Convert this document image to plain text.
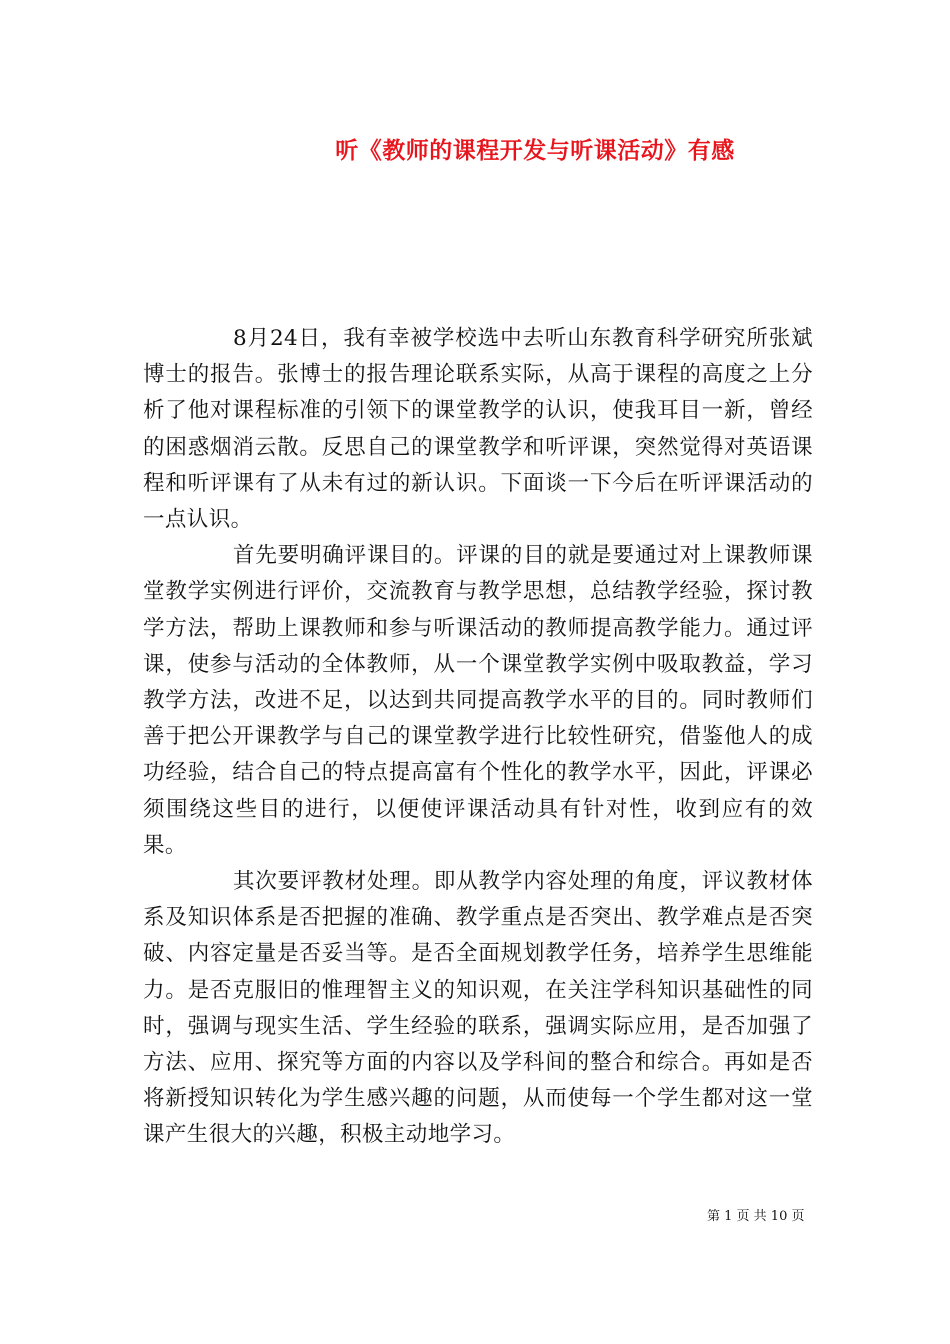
听《教师的课程开发与听课活动》有感

8月24日，我有幸被学校选中去听山东教育科学研究所张斌博士的报告。张博士的报告理论联系实际，从高于课程的高度之上分析了他对课程标准的引领下的课堂教学的认识，使我耳目一新，曾经的困惑烟消云散。反思自己的课堂教学和听评课，突然觉得对英语课程和听评课有了从未有过的新认识。下面谈一下今后在听评课活动的一点认识。

首先要明确评课目的。评课的目的就是要通过对上课教师课堂教学实例进行评价，交流教育与教学思想，总结教学经验，探讨教学方法，帮助上课教师和参与听课活动的教师提高教学能力。通过评课，使参与活动的全体教师，从一个课堂教学实例中吸取教益，学习教学方法，改进不足，以达到共同提高教学水平的目的。同时教师们善于把公开课教学与自己的课堂教学进行比较性研究，借鉴他人的成功经验，结合自己的特点提高富有个性化的教学水平，因此，评课必须围绕这些目的进行，以便使评课活动具有针对性，收到应有的效果。

其次要评教材处理。即从教学内容处理的角度，评议教材体系及知识体系是否把握的准确、教学重点是否突出、教学难点是否突破、内容定量是否妥当等。是否全面规划教学任务，培养学生思维能力。是否克服旧的惟理智主义的知识观，在关注学科知识基础性的同时，强调与现实生活、学生经验的联系，强调实际应用，是否加强了方法、应用、探究等方面的内容以及学科间的整合和综合。再如是否将新授知识转化为学生感兴趣的问题，从而使每一个学生都对这一堂课产生很大的兴趣，积极主动地学习。

第 1 页 共 10 页
